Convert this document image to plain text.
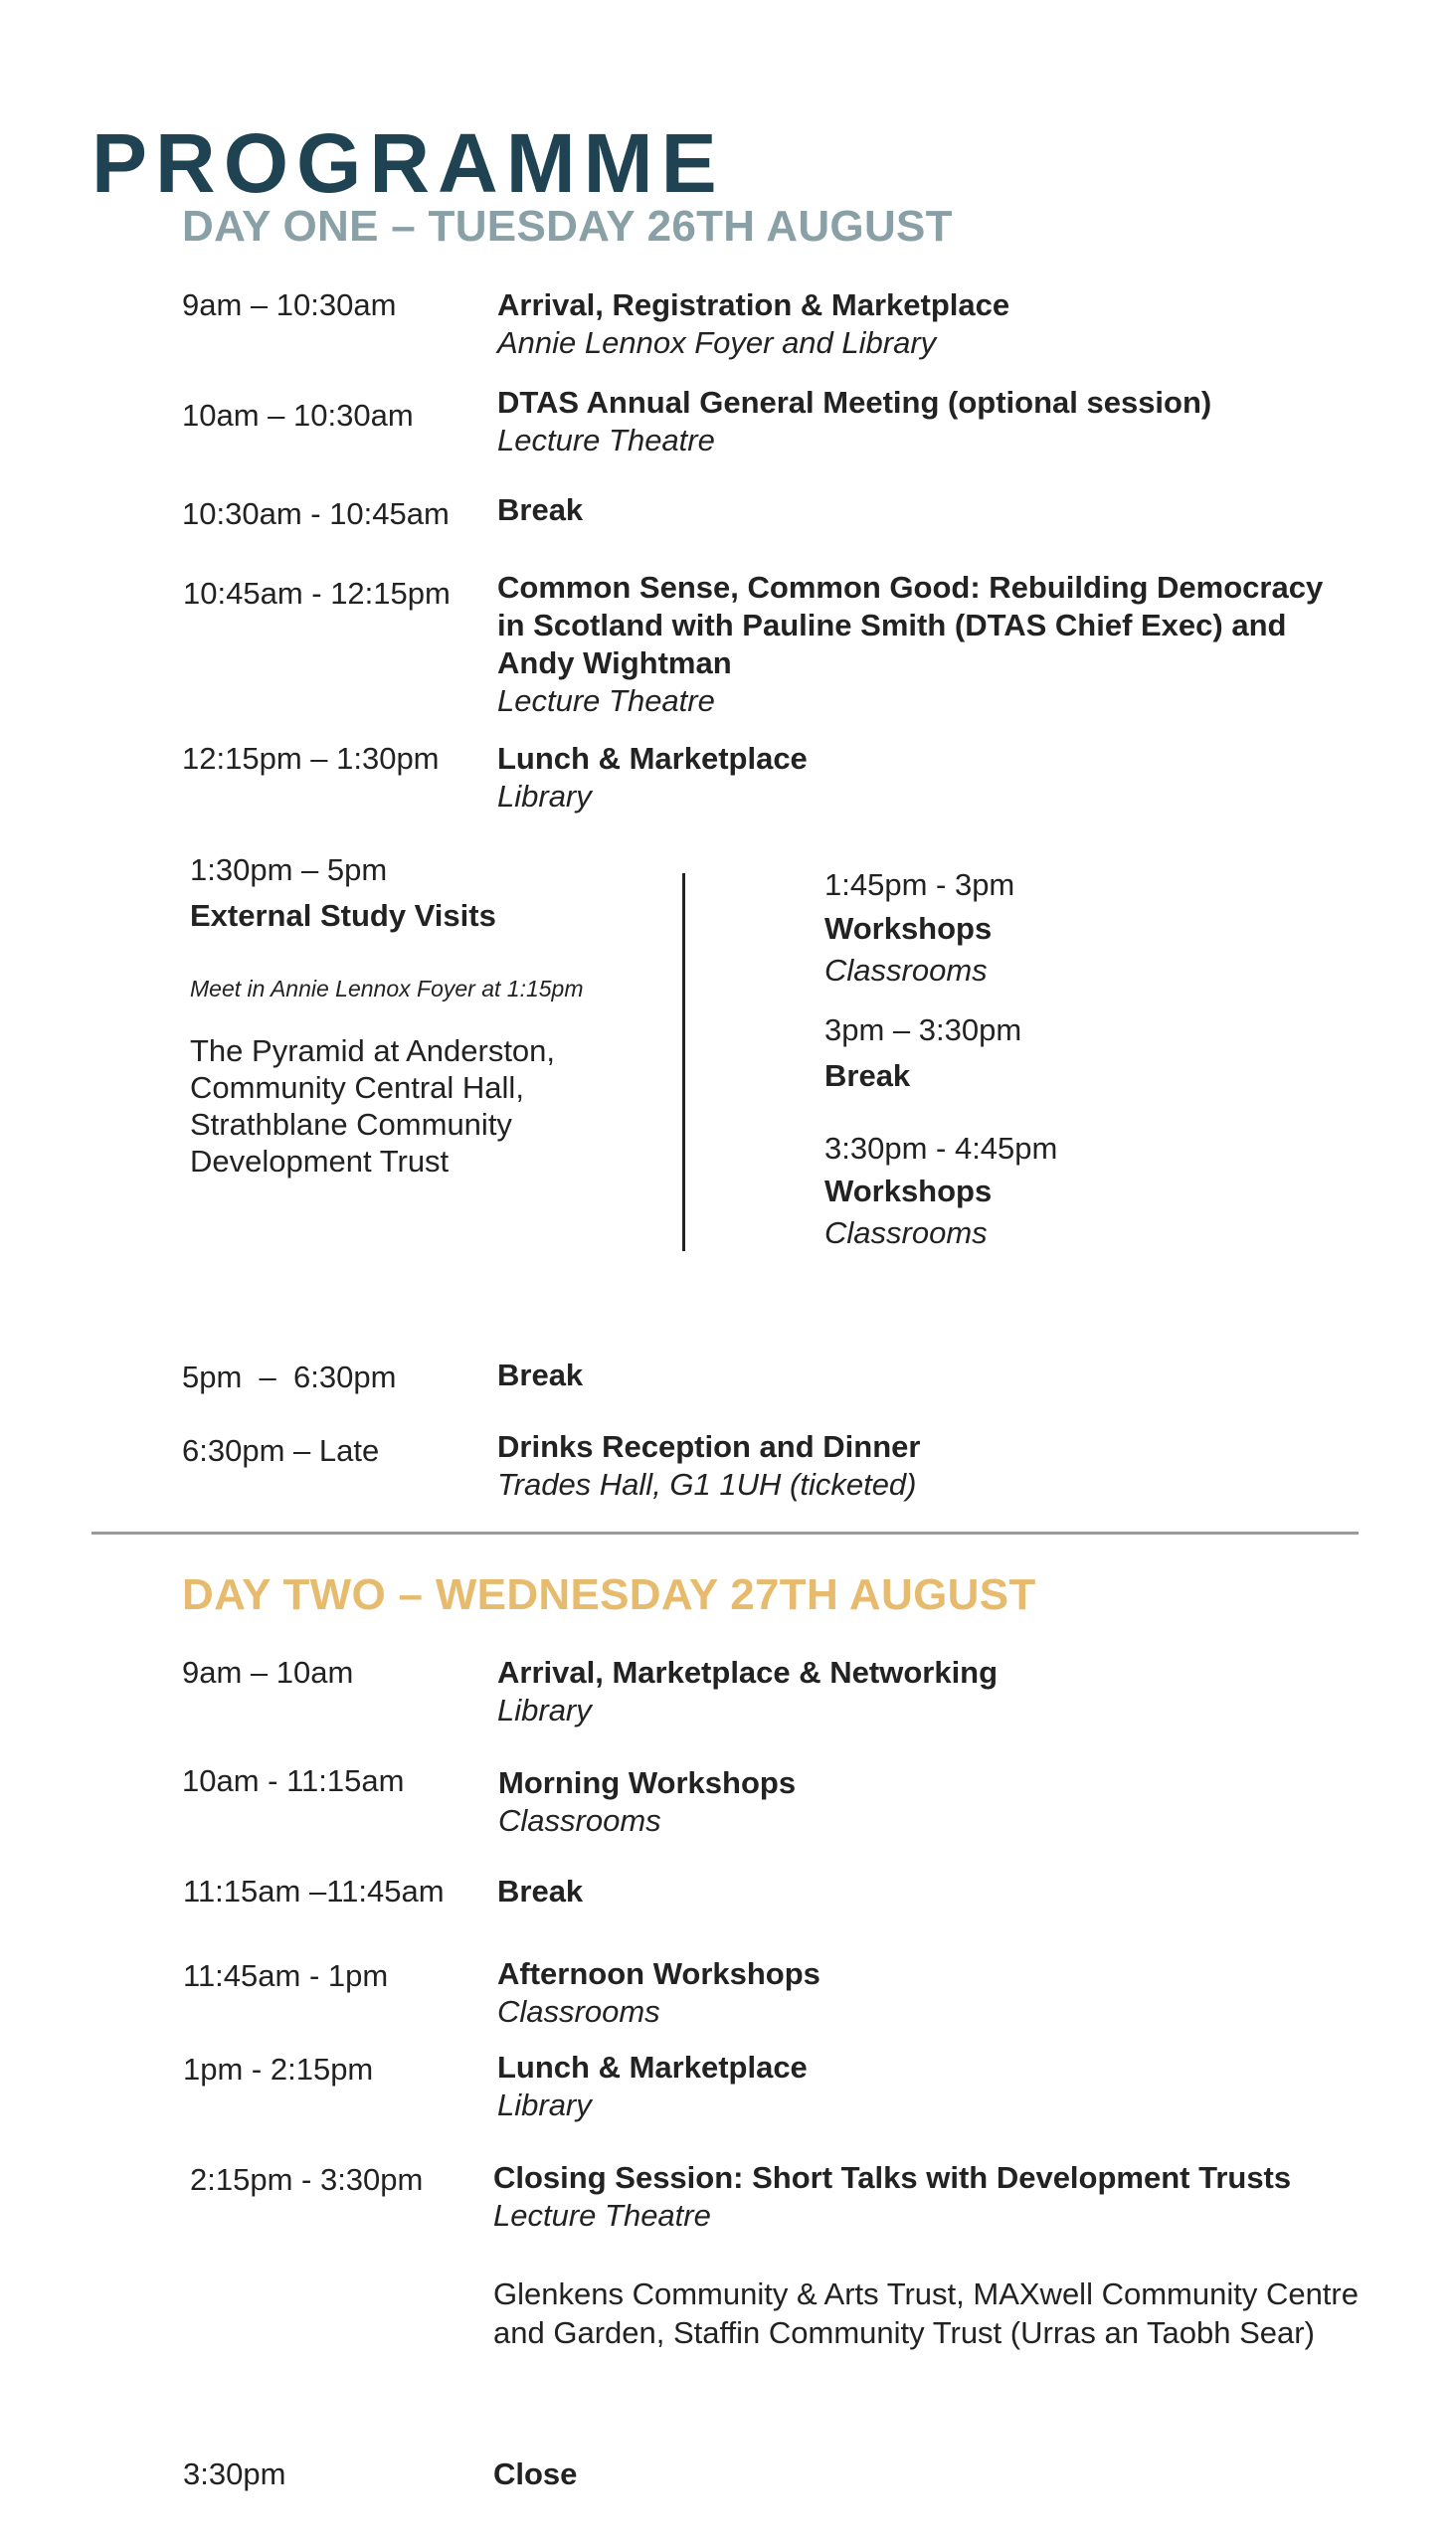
PROGRAMME
DAY ONE – TUESDAY 26TH AUGUST
9am – 10:30am	Arrival, Registration & Marketplace
Annie Lennox Foyer and Library
10am – 10:30am	DTAS Annual General Meeting (optional session)
Lecture Theatre
10:30am - 10:45am Break
10:45am - 12:15pm Common Sense, Common Good: Rebuilding Democracy in Scotland with Pauline Smith (DTAS Chief Exec) and Andy Wightman
Lecture Theatre
12:15pm – 1:30pm Lunch & Marketplace
Library
1:30pm – 5pm
External Study Visits
Meet in Annie Lennox Foyer at 1:15pm
The Pyramid at Anderston, Community Central Hall, Strathblane Community Development Trust
1:45pm - 3pm
Workshops
Classrooms
3pm – 3:30pm
Break
3:30pm - 4:45pm
Workshops
Classrooms
5pm  –  6:30pm	Break
6:30pm – Late	Drinks Reception and Dinner
Trades Hall, G1 1UH (ticketed)
DAY TWO – WEDNESDAY 27TH AUGUST
9am – 10am	Arrival, Marketplace & Networking
Library
10am - 11:15am	Morning Workshops
Classrooms
11:15am –11:45am Break
11:45am - 1pm	Afternoon Workshops
Classrooms
1pm - 2:15pm	Lunch & Marketplace
Library
2:15pm - 3:30pm Closing Session: Short Talks with Development Trusts
Lecture Theatre
Glenkens Community & Arts Trust, MAXwell Community Centre and Garden, Staffin Community Trust (Urras an Taobh Sear)
3:30pm	Close
